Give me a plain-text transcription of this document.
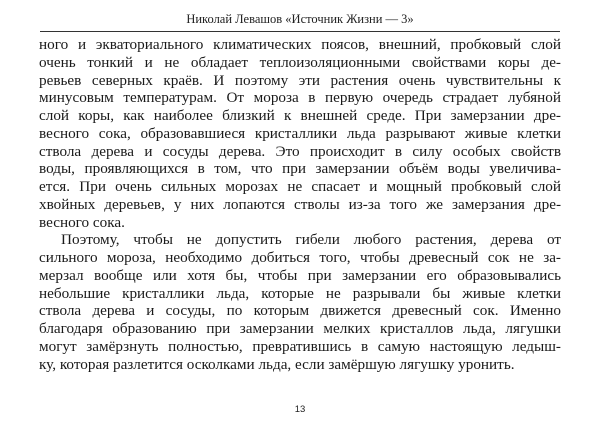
Николай Левашов «Источник Жизни — 3»
ного и экваториального климатических поясов, внешний, пробковый слой
очень тонкий и не обладает теплоизоляционными свойствами коры де-
ревьев северных краёв. И поэтому эти растения очень чувствительны к
минусовым температурам. От мороза в первую очередь страдает лубяной
слой коры, как наиболее близкий к внешней среде. При замерзании дре-
весного сока, образовавшиеся кристаллики льда разрывают живые клетки
ствола дерева и сосуды дерева. Это происходит в силу особых свойств
воды, проявляющихся в том, что при замерзании объём воды увеличива-
ется. При очень сильных морозах не спасает и мощный пробковый слой
хвойных деревьев, у них лопаются стволы из-за того же замерзания дре-
весного сока.
Поэтому, чтобы не допустить гибели любого растения, дерева от
сильного мороза, необходимо добиться того, чтобы древесный сок не за-
мерзал вообще или хотя бы, чтобы при замерзании его образовывались
небольшие кристаллики льда, которые не разрывали бы живые клетки
ствола дерева и сосуды, по которым движется древесный сок. Именно
благодаря образованию при замерзании мелких кристаллов льда, лягушки
могут замёрзнуть полностью, превратившись в самую настоящую ледыш-
ку, которая разлетится осколками льда, если замёршую лягушку уронить.
13
